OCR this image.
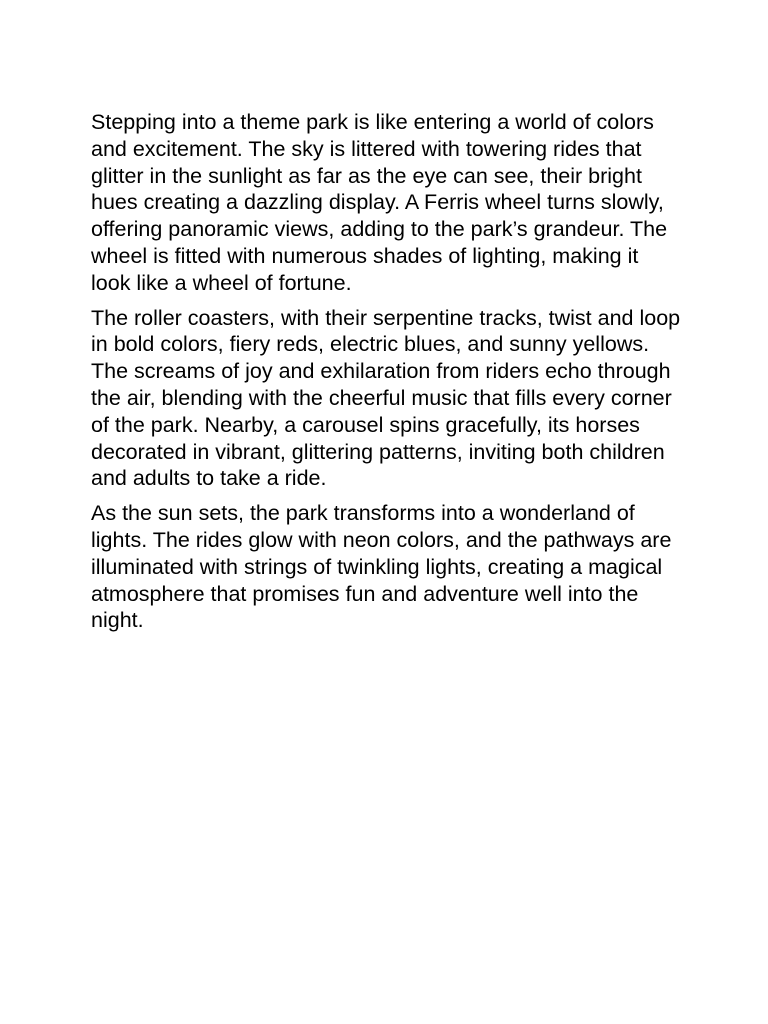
Stepping into a theme park is like entering a world of colors and excitement. The sky is littered with towering rides that glitter in the sunlight as far as the eye can see, their bright hues creating a dazzling display. A Ferris wheel turns slowly, offering panoramic views, adding to the park’s grandeur. The wheel is fitted with numerous shades of lighting, making it look like a wheel of fortune.

The roller coasters, with their serpentine tracks, twist and loop in bold colors, fiery reds, electric blues, and sunny yellows. The screams of joy and exhilaration from riders echo through the air, blending with the cheerful music that fills every corner of the park. Nearby, a carousel spins gracefully, its horses decorated in vibrant, glittering patterns, inviting both children and adults to take a ride.

As the sun sets, the park transforms into a wonderland of lights. The rides glow with neon colors, and the pathways are illuminated with strings of twinkling lights, creating a magical atmosphere that promises fun and adventure well into the night.
